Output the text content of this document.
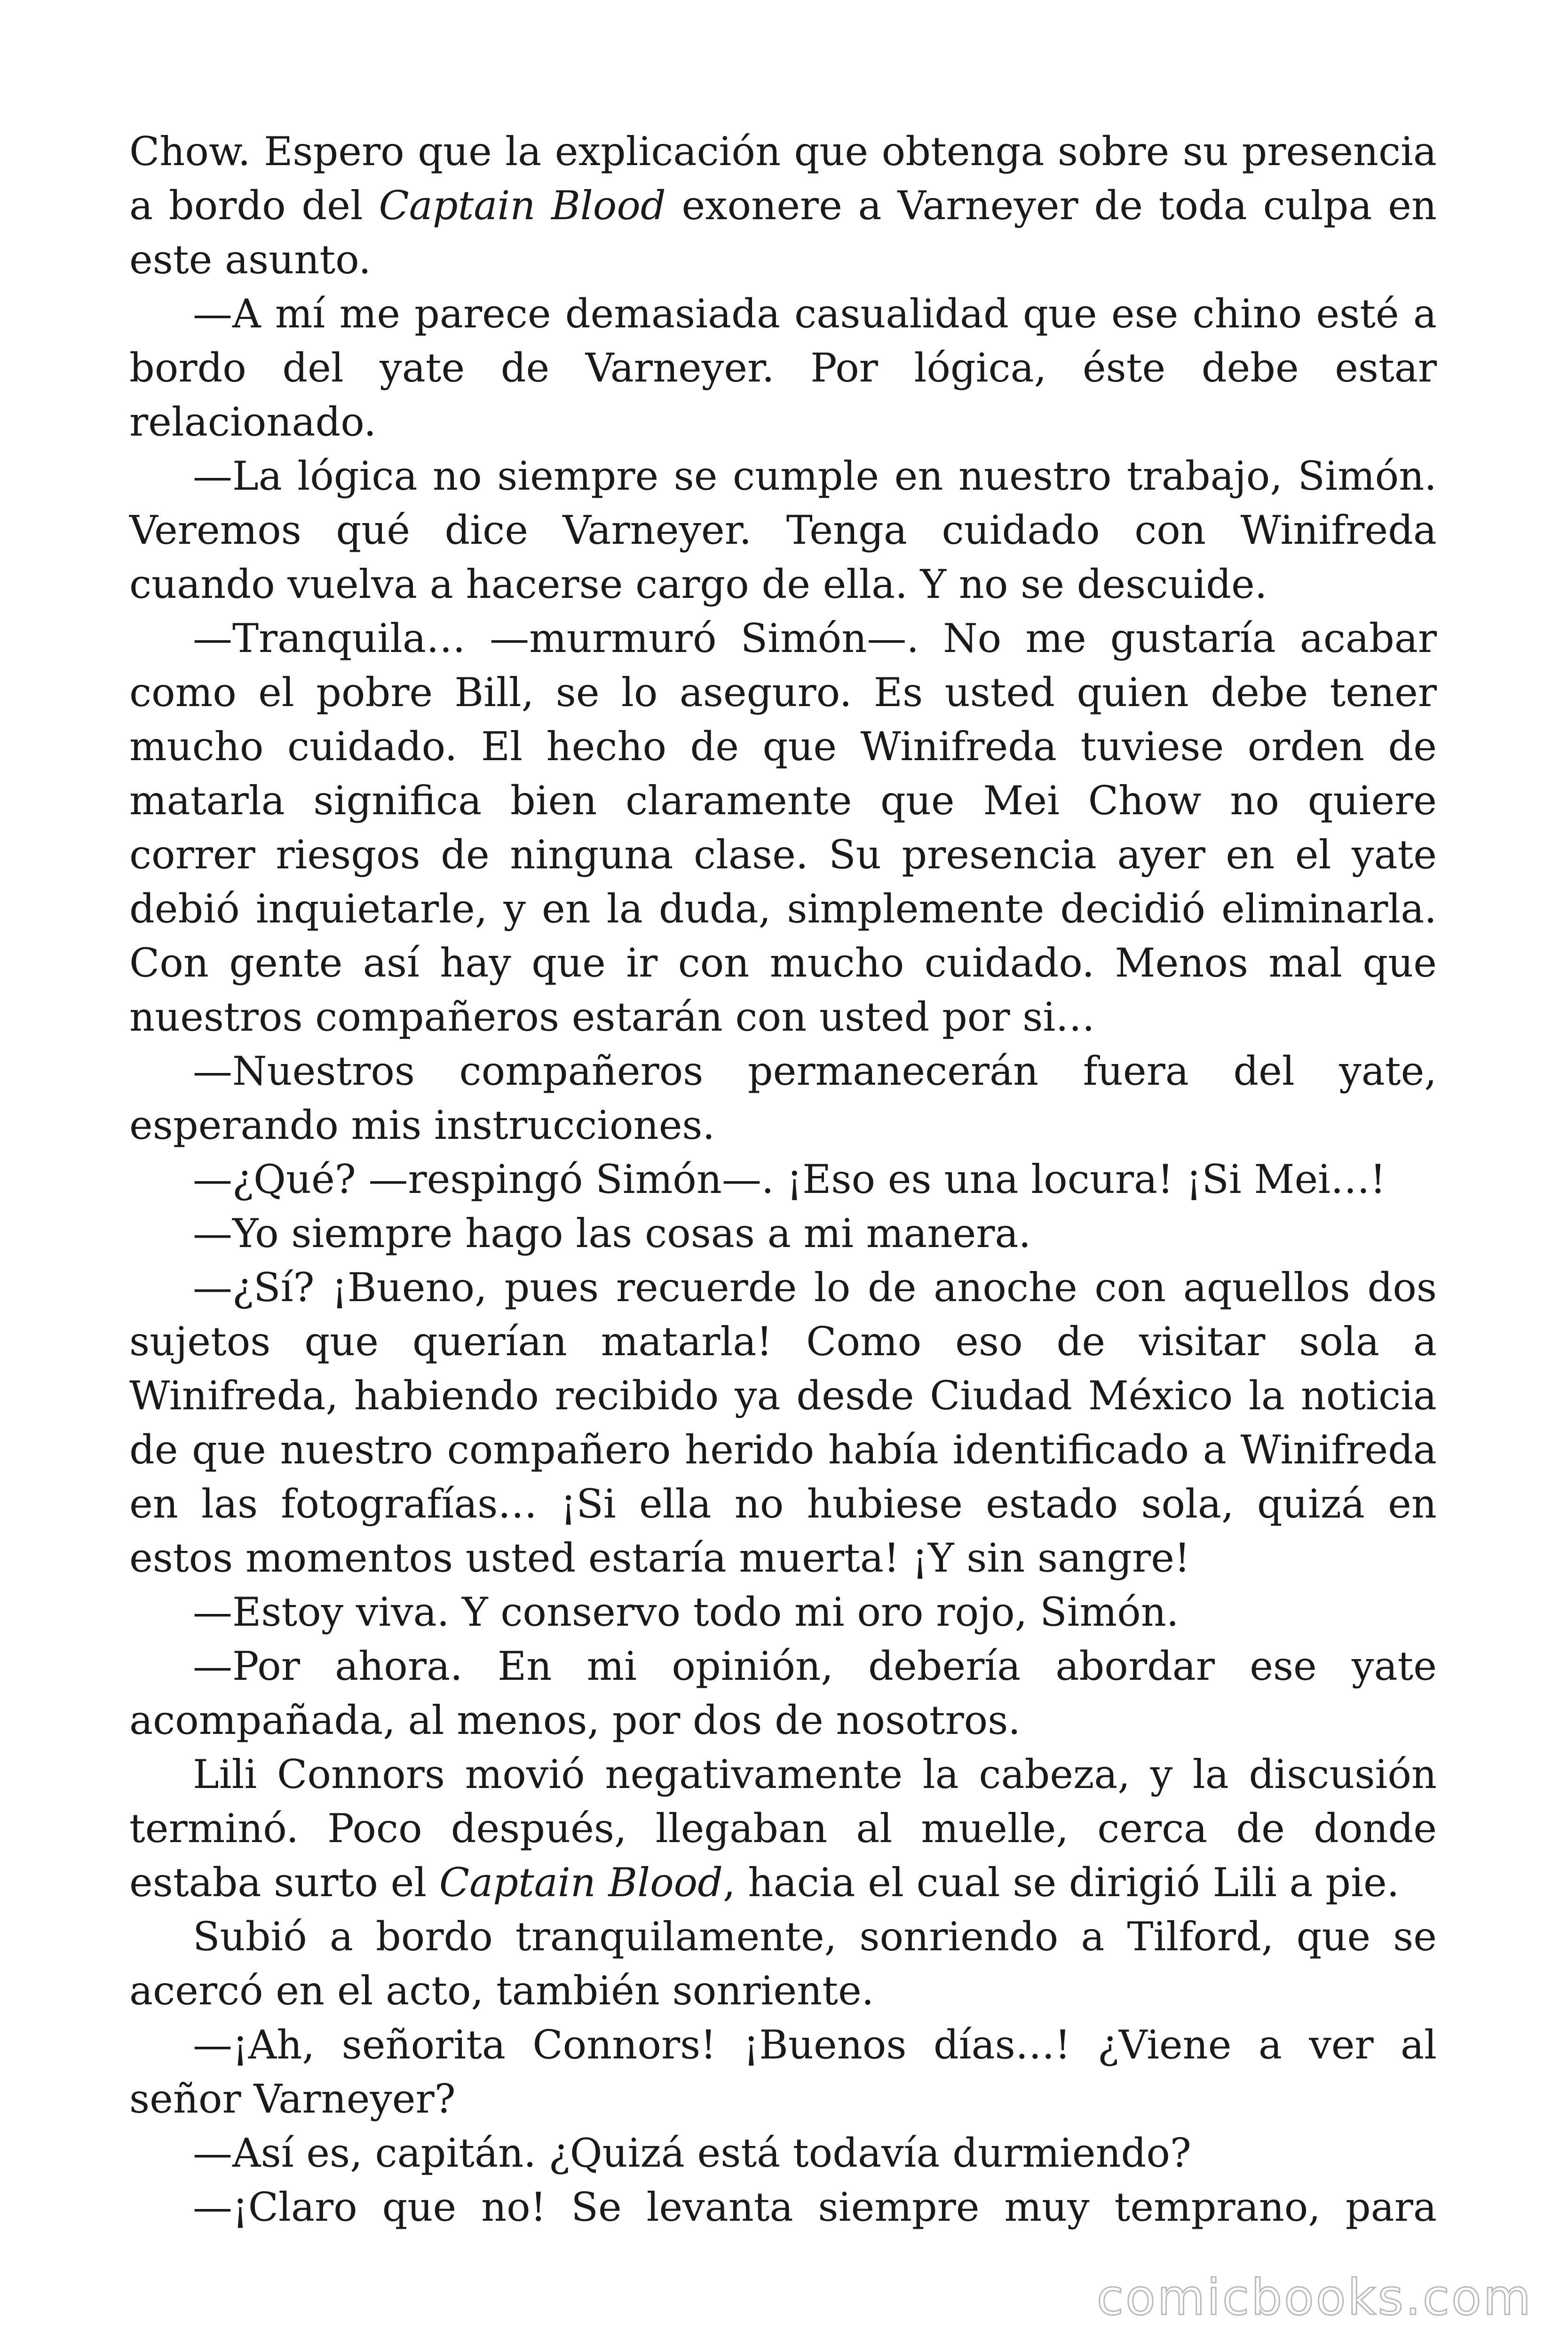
Chow. Espero que la explicación que obtenga sobre su presencia a bordo del Captain Blood exonere a Varneyer de toda culpa en este asunto.

—A mí me parece demasiada casualidad que ese chino esté a bordo del yate de Varneyer. Por lógica, éste debe estar relacionado.

—La lógica no siempre se cumple en nuestro trabajo, Simón. Veremos qué dice Varneyer. Tenga cuidado con Winifreda cuando vuelva a hacerse cargo de ella. Y no se descuide.

—Tranquila… —murmuró Simón—. No me gustaría acabar como el pobre Bill, se lo aseguro. Es usted quien debe tener mucho cuidado. El hecho de que Winifreda tuviese orden de matarla significa bien claramente que Mei Chow no quiere correr riesgos de ninguna clase. Su presencia ayer en el yate debió inquietarle, y en la duda, simplemente decidió eliminarla. Con gente así hay que ir con mucho cuidado. Menos mal que nuestros compañeros estarán con usted por si…

—Nuestros compañeros permanecerán fuera del yate, esperando mis instrucciones.

—¿Qué? —respingó Simón—. ¡Eso es una locura! ¡Si Mei…!

—Yo siempre hago las cosas a mi manera.

—¿Sí? ¡Bueno, pues recuerde lo de anoche con aquellos dos sujetos que querían matarla! Como eso de visitar sola a Winifreda, habiendo recibido ya desde Ciudad México la noticia de que nuestro compañero herido había identificado a Winifreda en las fotografías… ¡Si ella no hubiese estado sola, quizá en estos momentos usted estaría muerta! ¡Y sin sangre!

—Estoy viva. Y conservo todo mi oro rojo, Simón.

—Por ahora. En mi opinión, debería abordar ese yate acompañada, al menos, por dos de nosotros.

Lili Connors movió negativamente la cabeza, y la discusión terminó. Poco después, llegaban al muelle, cerca de donde estaba surto el Captain Blood, hacia el cual se dirigió Lili a pie.

Subió a bordo tranquilamente, sonriendo a Tilford, que se acercó en el acto, también sonriente.

—¡Ah, señorita Connors! ¡Buenos días…! ¿Viene a ver al señor Varneyer?

—Así es, capitán. ¿Quizá está todavía durmiendo?

—¡Claro que no! Se levanta siempre muy temprano, para

comicbooks.com
